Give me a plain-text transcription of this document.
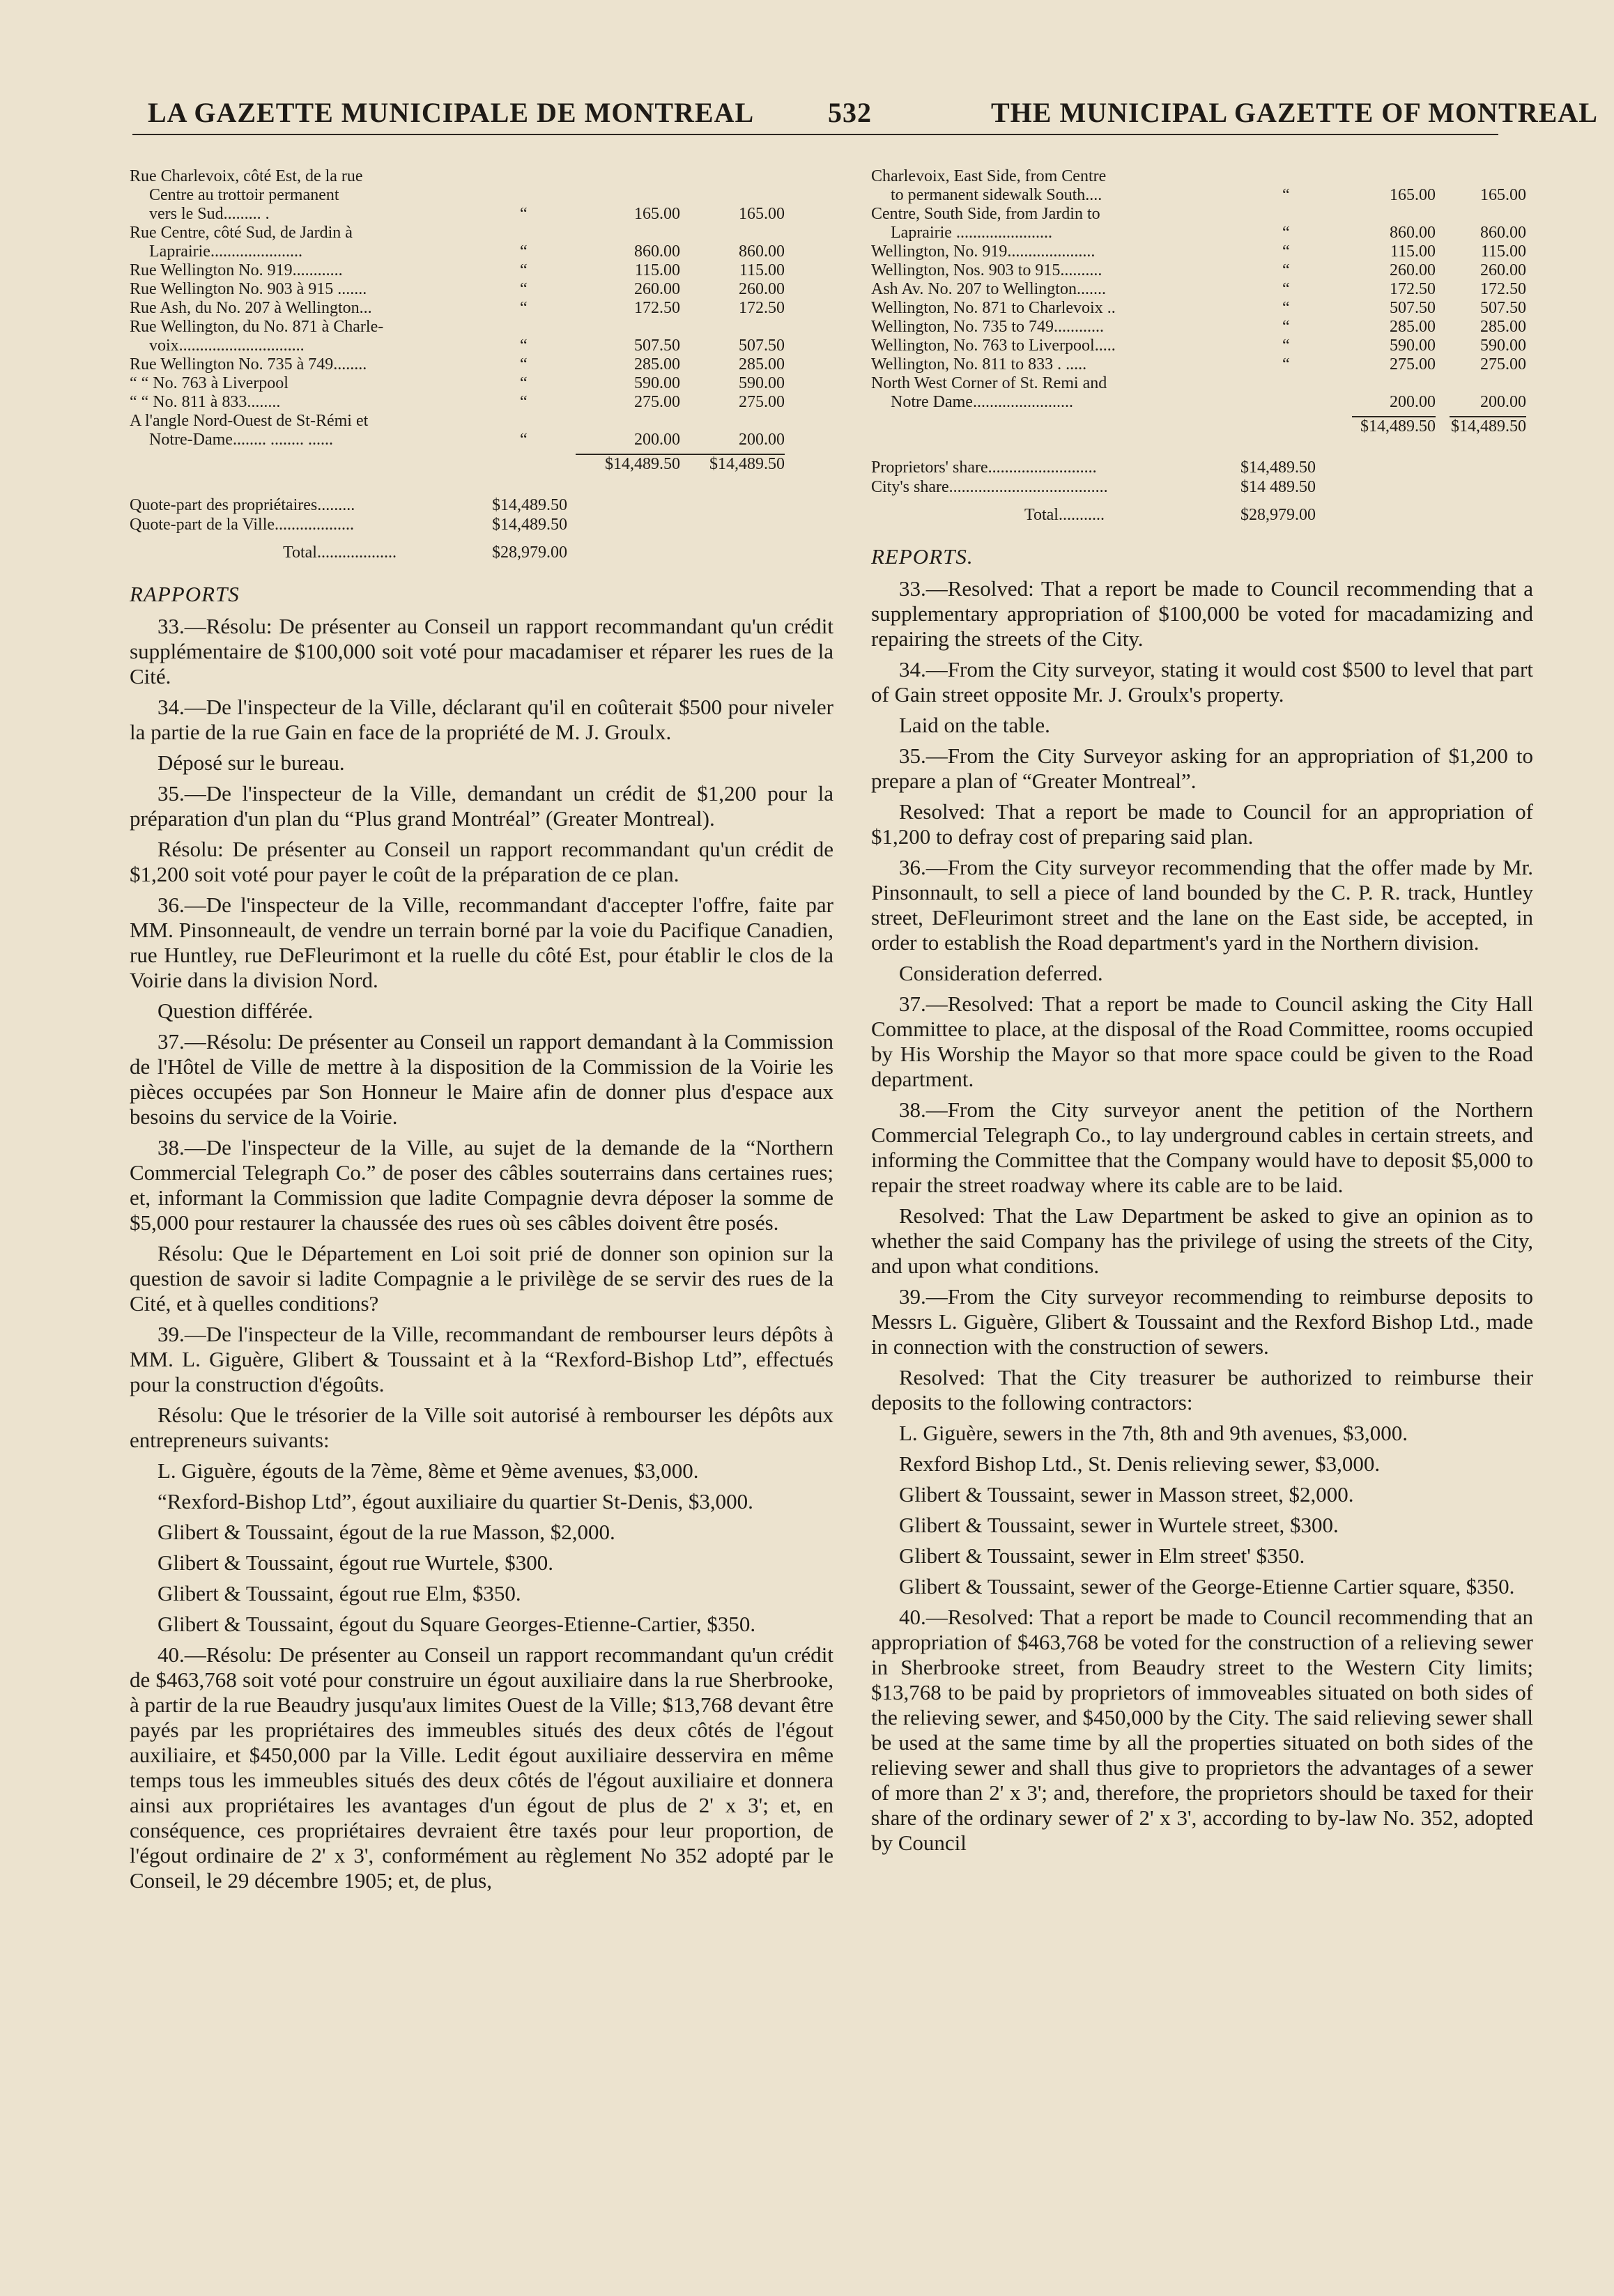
LA GAZETTE MUNICIPALE DE MONTREAL	532	THE MUNICIPAL GAZETTE OF MONTREAL
Rue Charlevoix, côté Est, de la rue
Centre au trottoir permanent
vers le Sud......... .	“	165.00	165.00
Rue Centre, côté Sud, de Jardin à
Laprairie......................	“	860.00	860.00
Rue Wellington No. 919............	“	115.00	115.00
Rue Wellington No. 903 à 915 .......	“	260.00	260.00
Rue Ash, du No. 207 à Wellington...	“	172.50	172.50
Rue Wellington, du No. 871 à Charle-
voix..............................	“	507.50	507.50
Rue Wellington No. 735 à 749........	“	285.00	285.00
“ “ No. 763 à Liverpool	“	590.00	590.00
“ “ No. 811 à 833........	“	275.00	275.00
A l'angle Nord-Ouest de St-Rémi et
Notre-Dame........ ........ ......	“	200.00	200.00
$14,489.50	$14,489.50
Quote-part des propriétaires.........	$14,489.50
Quote-part de la Ville...................	$14,489.50
Total...................	$28,979.00
RAPPORTS

33.—Résolu: De présenter au Conseil un rapport recommandant qu'un crédit supplémentaire de $100,000 soit voté pour macadamiser et réparer les rues de la Cité.

34.—De l'inspecteur de la Ville, déclarant qu'il en coûterait $500 pour niveler la partie de la rue Gain en face de la propriété de M. J. Groulx.

Déposé sur le bureau.

35.—De l'inspecteur de la Ville, demandant un crédit de $1,200 pour la préparation d'un plan du “Plus grand Montréal” (Greater Montreal).

Résolu: De présenter au Conseil un rapport recommandant qu'un crédit de $1,200 soit voté pour payer le coût de la préparation de ce plan.

36.—De l'inspecteur de la Ville, recommandant d'accepter l'offre, faite par MM. Pinsonneault, de vendre un terrain borné par la voie du Pacifique Canadien, rue Huntley, rue DeFleurimont et la ruelle du côté Est, pour établir le clos de la Voirie dans la division Nord.

Question différée.

37.—Résolu: De présenter au Conseil un rapport demandant à la Commission de l'Hôtel de Ville de mettre à la disposition de la Commission de la Voirie les pièces occupées par Son Honneur le Maire afin de donner plus d'espace aux besoins du service de la Voirie.

38.—De l'inspecteur de la Ville, au sujet de la demande de la “Northern Commercial Telegraph Co.” de poser des câbles souterrains dans certaines rues; et, informant la Commission que ladite Compagnie devra déposer la somme de $5,000 pour restaurer la chaussée des rues où ses câbles doivent être posés.

Résolu: Que le Département en Loi soit prié de donner son opinion sur la question de savoir si ladite Compagnie a le privilège de se servir des rues de la Cité, et à quelles conditions?

39.—De l'inspecteur de la Ville, recommandant de rembourser leurs dépôts à MM. L. Giguère, Glibert & Toussaint et à la “Rexford-Bishop Ltd”, effectués pour la construction d'égoûts.

Résolu: Que le trésorier de la Ville soit autorisé à rembourser les dépôts aux entrepreneurs suivants:

L. Giguère, égouts de la 7ème, 8ème et 9ème avenues, $3,000.

“Rexford-Bishop Ltd”, égout auxiliaire du quartier St-Denis, $3,000.

Glibert & Toussaint, égout de la rue Masson, $2,000.

Glibert & Toussaint, égout rue Wurtele, $300.

Glibert & Toussaint, égout rue Elm, $350.

Glibert & Toussaint, égout du Square Georges-Etienne-Cartier, $350.

40.—Résolu: De présenter au Conseil un rapport recommandant qu'un crédit de $463,768 soit voté pour construire un égout auxiliaire dans la rue Sherbrooke, à partir de la rue Beaudry jusqu'aux limites Ouest de la Ville; $13,768 devant être payés par les propriétaires des immeubles situés des deux côtés de l'égout auxiliaire, et $450,000 par la Ville. Ledit égout auxiliaire desservira en même temps tous les immeubles situés des deux côtés de l'égout auxiliaire et donnera ainsi aux propriétaires les avantages d'un égout de plus de 2' x 3'; et, en conséquence, ces propriétaires devraient être taxés pour leur proportion, de l'égout ordinaire de 2' x 3', conformément au règlement No 352 adopté par le Conseil, le 29 décembre 1905; et, de plus,

Charlevoix, East Side, from Centre
to permanent sidewalk South....	“	165.00	165.00
Centre, South Side, from Jardin to
Laprairie .......................	“	860.00	860.00
Wellington, No. 919.....................	“	115.00	115.00
Wellington, Nos. 903 to 915..........	“	260.00	260.00
Ash Av. No. 207 to Wellington.......	“	172.50	172.50
Wellington, No. 871 to Charlevoix ..	“	507.50	507.50
Wellington, No. 735 to 749............	“	285.00	285.00
Wellington, No. 763 to Liverpool.....	“	590.00	590.00
Wellington, No. 811 to 833 . .....	“	275.00	275.00
North West Corner of St. Remi and
Notre Dame........................	200.00	200.00
$14,489.50 $14,489.50
Proprietors' share..........................	$14,489.50
City's share......................................	$14 489.50
Total...........	$28,979.00
REPORTS.

33.—Resolved: That a report be made to Council recommending that a supplementary appropriation of $100,000 be voted for macadamizing and repairing the streets of the City.

34.—From the City surveyor, stating it would cost $500 to level that part of Gain street opposite Mr. J. Groulx's property.

Laid on the table.

35.—From the City Surveyor asking for an appropriation of $1,200 to prepare a plan of “Greater Montreal”.

Resolved: That a report be made to Council for an appropriation of $1,200 to defray cost of preparing said plan.

36.—From the City surveyor recommending that the offer made by Mr. Pinsonnault, to sell a piece of land bounded by the C. P. R. track, Huntley street, DeFleurimont street and the lane on the East side, be accepted, in order to establish the Road department's yard in the Northern division.

Consideration deferred.

37.—Resolved: That a report be made to Council asking the City Hall Committee to place, at the disposal of the Road Committee, rooms occupied by His Worship the Mayor so that more space could be given to the Road department.

38.—From the City surveyor anent the petition of the Northern Commercial Telegraph Co., to lay underground cables in certain streets, and informing the Committee that the Company would have to deposit $5,000 to repair the street roadway where its cable are to be laid.

Resolved: That the Law Department be asked to give an opinion as to whether the said Company has the privilege of using the streets of the City, and upon what conditions.

39.—From the City surveyor recommending to reimburse deposits to Messrs L. Giguère, Glibert & Toussaint and the Rexford Bishop Ltd., made in connection with the construction of sewers.

Resolved: That the City treasurer be authorized to reimburse their deposits to the following contractors:

L. Giguère, sewers in the 7th, 8th and 9th avenues, $3,000.

Rexford Bishop Ltd., St. Denis relieving sewer, $3,000.

Glibert & Toussaint, sewer in Masson street, $2,000.

Glibert & Toussaint, sewer in Wurtele street, $300.

Glibert & Toussaint, sewer in Elm street' $350.

Glibert & Toussaint, sewer of the George-Etienne Cartier square, $350.

40.—Resolved: That a report be made to Council recommending that an appropriation of $463,768 be voted for the construction of a relieving sewer in Sherbrooke street, from Beaudry street to the Western City limits; $13,768 to be paid by proprietors of immoveables situated on both sides of the relieving sewer, and $450,000 by the City. The said relieving sewer shall be used at the same time by all the properties situated on both sides of the relieving sewer and shall thus give to proprietors the advantages of a sewer of more than 2' x 3'; and, therefore, the proprietors should be taxed for their share of the ordinary sewer of 2' x 3', according to by-law No. 352, adopted by Council
